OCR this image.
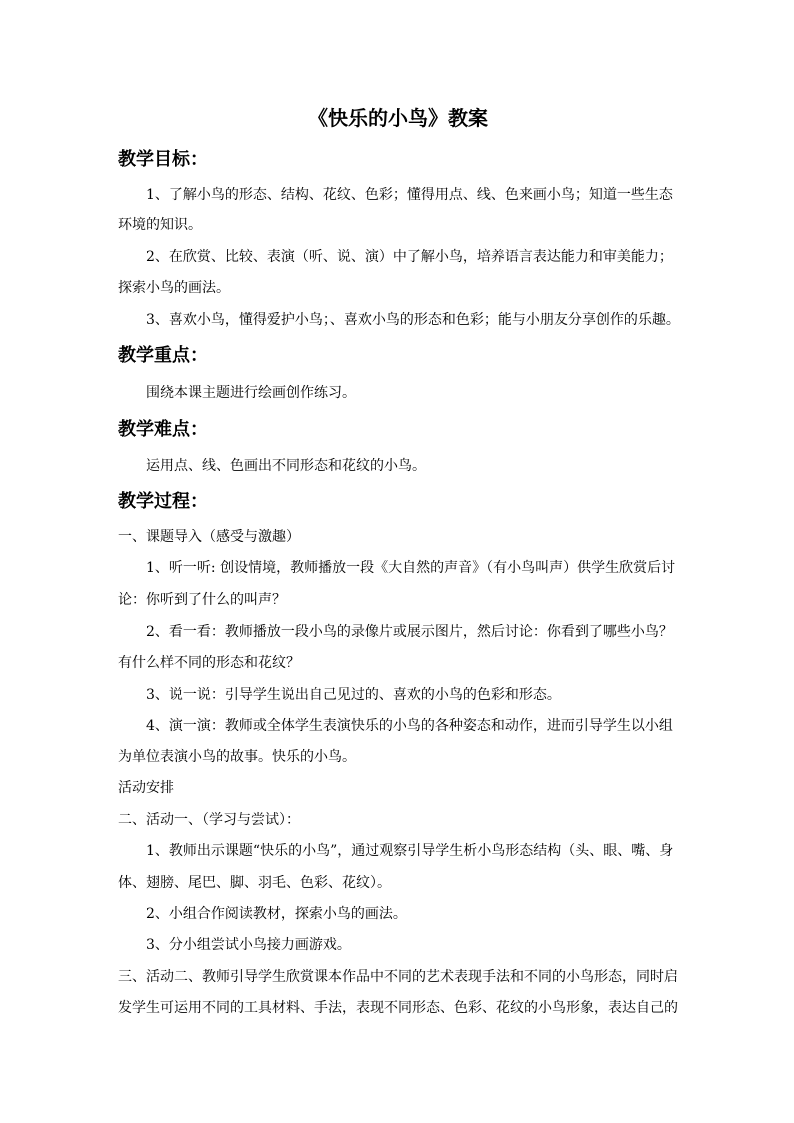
《快乐的小鸟》教案
教学目标：
1、了解小鸟的形态、结构、花纹、色彩；懂得用点、线、色来画小鸟；知道一些生态
环境的知识。
2、在欣赏、比较、表演（听、说、演）中了解小鸟，培养语言表达能力和审美能力；
探索小鸟的画法。
3、喜欢小鸟，懂得爱护小鸟；、喜欢小鸟的形态和色彩；能与小朋友分享创作的乐趣。
教学重点：
围绕本课主题进行绘画创作练习。
教学难点：
运用点、线、色画出不同形态和花纹的小鸟。
教学过程：
一、课题导入（感受与激趣）
1、听一听: 创设情境，教师播放一段《大自然的声音》（有小鸟叫声）供学生欣赏后讨
论：你听到了什么的叫声？
2、看一看：教师播放一段小鸟的录像片或展示图片，然后讨论：你看到了哪些小鸟？
有什么样不同的形态和花纹？
3、说一说：引导学生说出自己见过的、喜欢的小鸟的色彩和形态。
4、演一演：教师或全体学生表演快乐的小鸟的各种姿态和动作，进而引导学生以小组
为单位表演小鸟的故事。快乐的小鸟。
活动安排
二、活动一、（学习与尝试）：
1、教师出示课题“快乐的小鸟”，通过观察引导学生析小鸟形态结构（头、眼、嘴、身
体、翅膀、尾巴、脚、羽毛、色彩、花纹）。
2、小组合作阅读教材，探索小鸟的画法。
3、分小组尝试小鸟接力画游戏。
三、活动二、教师引导学生欣赏课本作品中不同的艺术表现手法和不同的小鸟形态，同时启
发学生可运用不同的工具材料、手法，表现不同形态、色彩、花纹的小鸟形象，表达自己的
